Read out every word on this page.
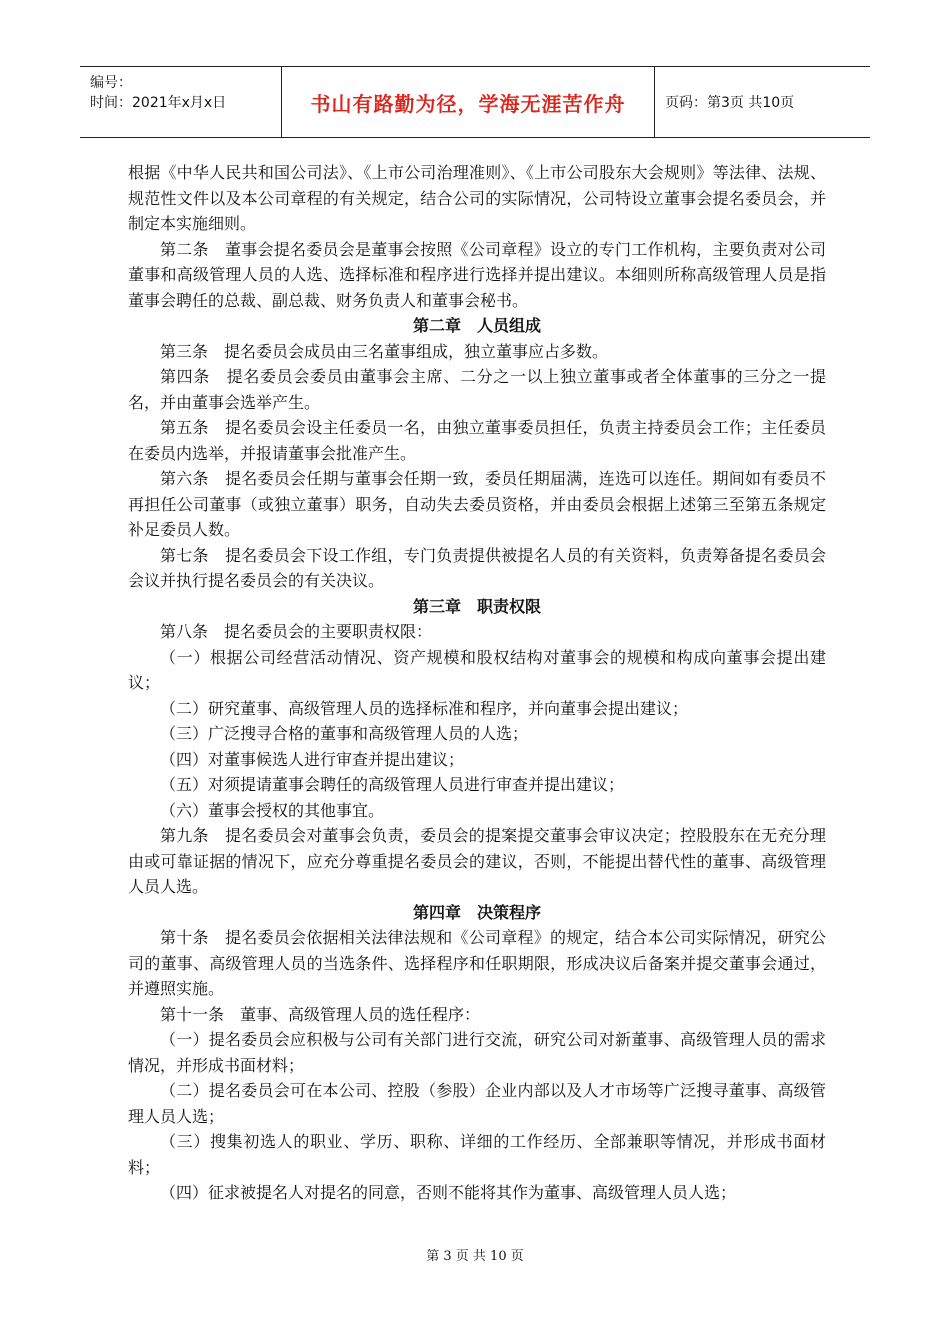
编号：
时间：2021年x月x日	书山有路勤为径，学海无涯苦作舟	页码：第3页 共10页

根据《中华人民共和国公司法》、《上市公司治理准则》、《上市公司股东大会规则》等法律、法规、规范性文件以及本公司章程的有关规定，结合公司的实际情况，公司特设立董事会提名委员会，并制定本实施细则。

第二条　董事会提名委员会是董事会按照《公司章程》设立的专门工作机构，主要负责对公司董事和高级管理人员的人选、选择标准和程序进行选择并提出建议。本细则所称高级管理人员是指董事会聘任的总裁、副总裁、财务负责人和董事会秘书。

第二章　人员组成

第三条　提名委员会成员由三名董事组成，独立董事应占多数。

第四条　提名委员会委员由董事会主席、二分之一以上独立董事或者全体董事的三分之一提名，并由董事会选举产生。

第五条　提名委员会设主任委员一名，由独立董事委员担任，负责主持委员会工作；主任委员在委员内选举，并报请董事会批准产生。

第六条　提名委员会任期与董事会任期一致，委员任期届满，连选可以连任。期间如有委员不再担任公司董事（或独立董事）职务，自动失去委员资格，并由委员会根据上述第三至第五条规定补足委员人数。

第七条　提名委员会下设工作组，专门负责提供被提名人员的有关资料，负责筹备提名委员会会议并执行提名委员会的有关决议。

第三章　职责权限

第八条　提名委员会的主要职责权限：

（一）根据公司经营活动情况、资产规模和股权结构对董事会的规模和构成向董事会提出建议；

（二）研究董事、高级管理人员的选择标准和程序，并向董事会提出建议；

（三）广泛搜寻合格的董事和高级管理人员的人选；

（四）对董事候选人进行审查并提出建议；

（五）对须提请董事会聘任的高级管理人员进行审查并提出建议；

（六）董事会授权的其他事宜。

第九条　提名委员会对董事会负责，委员会的提案提交董事会审议决定；控股股东在无充分理由或可靠证据的情况下，应充分尊重提名委员会的建议，否则，不能提出替代性的董事、高级管理人员人选。

第四章　决策程序

第十条　提名委员会依据相关法律法规和《公司章程》的规定，结合本公司实际情况，研究公司的董事、高级管理人员的当选条件、选择程序和任职期限，形成决议后备案并提交董事会通过，并遵照实施。

第十一条　董事、高级管理人员的选任程序：

（一）提名委员会应积极与公司有关部门进行交流，研究公司对新董事、高级管理人员的需求情况，并形成书面材料；

（二）提名委员会可在本公司、控股（参股）企业内部以及人才市场等广泛搜寻董事、高级管理人员人选；

（三）搜集初选人的职业、学历、职称、详细的工作经历、全部兼职等情况，并形成书面材料；

（四）征求被提名人对提名的同意，否则不能将其作为董事、高级管理人员人选；

第 3 页 共 10 页
